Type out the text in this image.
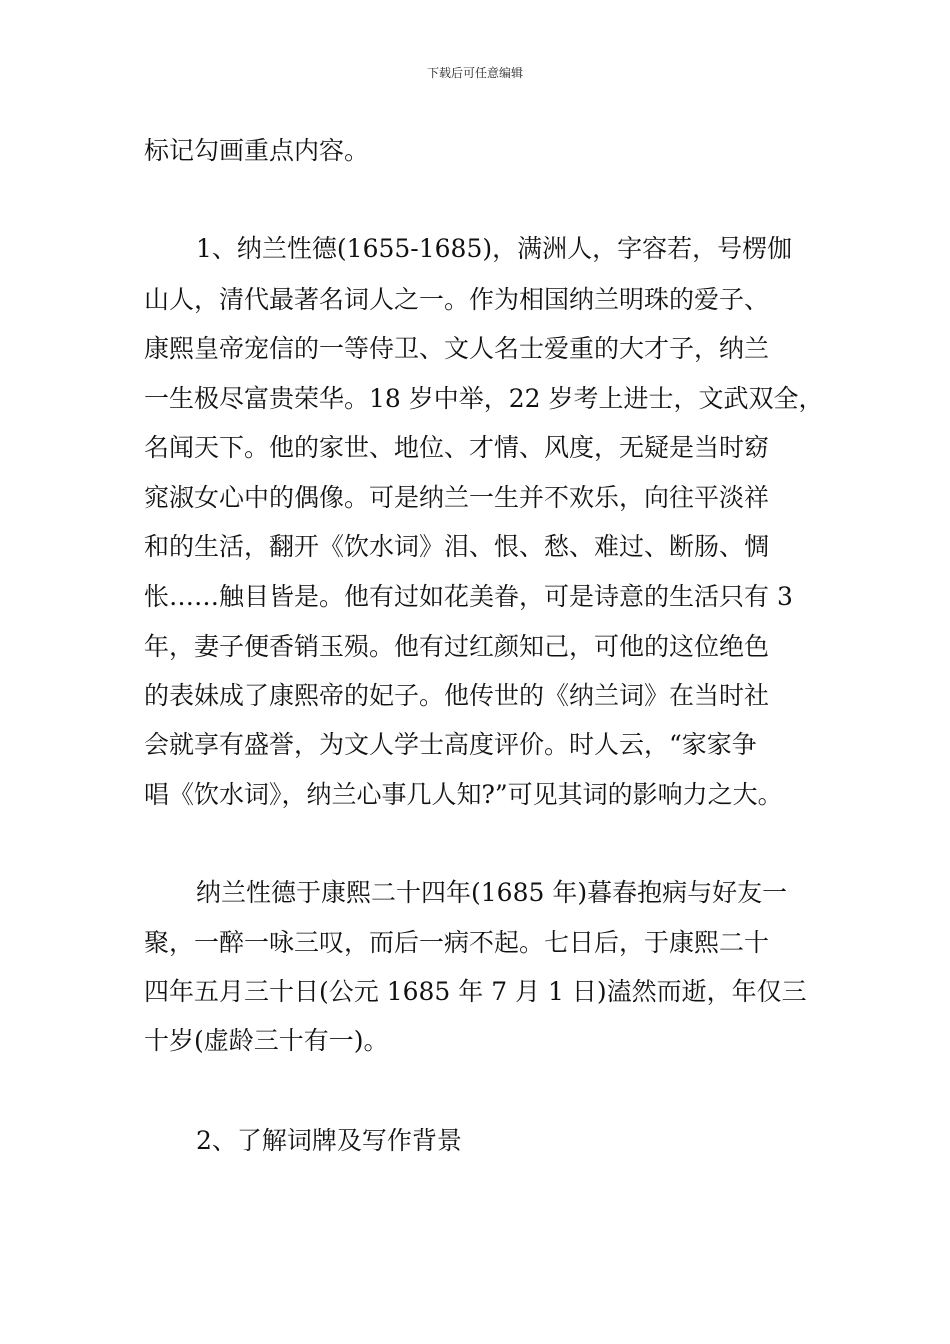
下载后可任意编辑
标记勾画重点内容。
1、纳兰性德(1655-1685)，满洲人，字容若，号楞伽
山人，清代最著名词人之一。作为相国纳兰明珠的爱子、
康熙皇帝宠信的一等侍卫、文人名士爱重的大才子，纳兰
一生极尽富贵荣华。18 岁中举，22 岁考上进士，文武双全，
名闻天下。他的家世、地位、才情、风度，无疑是当时窈
窕淑女心中的偶像。可是纳兰一生并不欢乐，向往平淡祥
和的生活，翻开《饮水词》泪、恨、愁、难过、断肠、惆
怅……触目皆是。他有过如花美眷，可是诗意的生活只有 3
年，妻子便香销玉殒。他有过红颜知己，可他的这位绝色
的表妹成了康熙帝的妃子。他传世的《纳兰词》在当时社
会就享有盛誉，为文人学士高度评价。时人云，“家家争
唱《饮水词》，纳兰心事几人知?”可见其词的影响力之大。
纳兰性德于康熙二十四年(1685 年)暮春抱病与好友一
聚，一醉一咏三叹，而后一病不起。七日后，于康熙二十
四年五月三十日(公元 1685 年 7 月 1 日)溘然而逝，年仅三
十岁(虚龄三十有一)。
2、了解词牌及写作背景
